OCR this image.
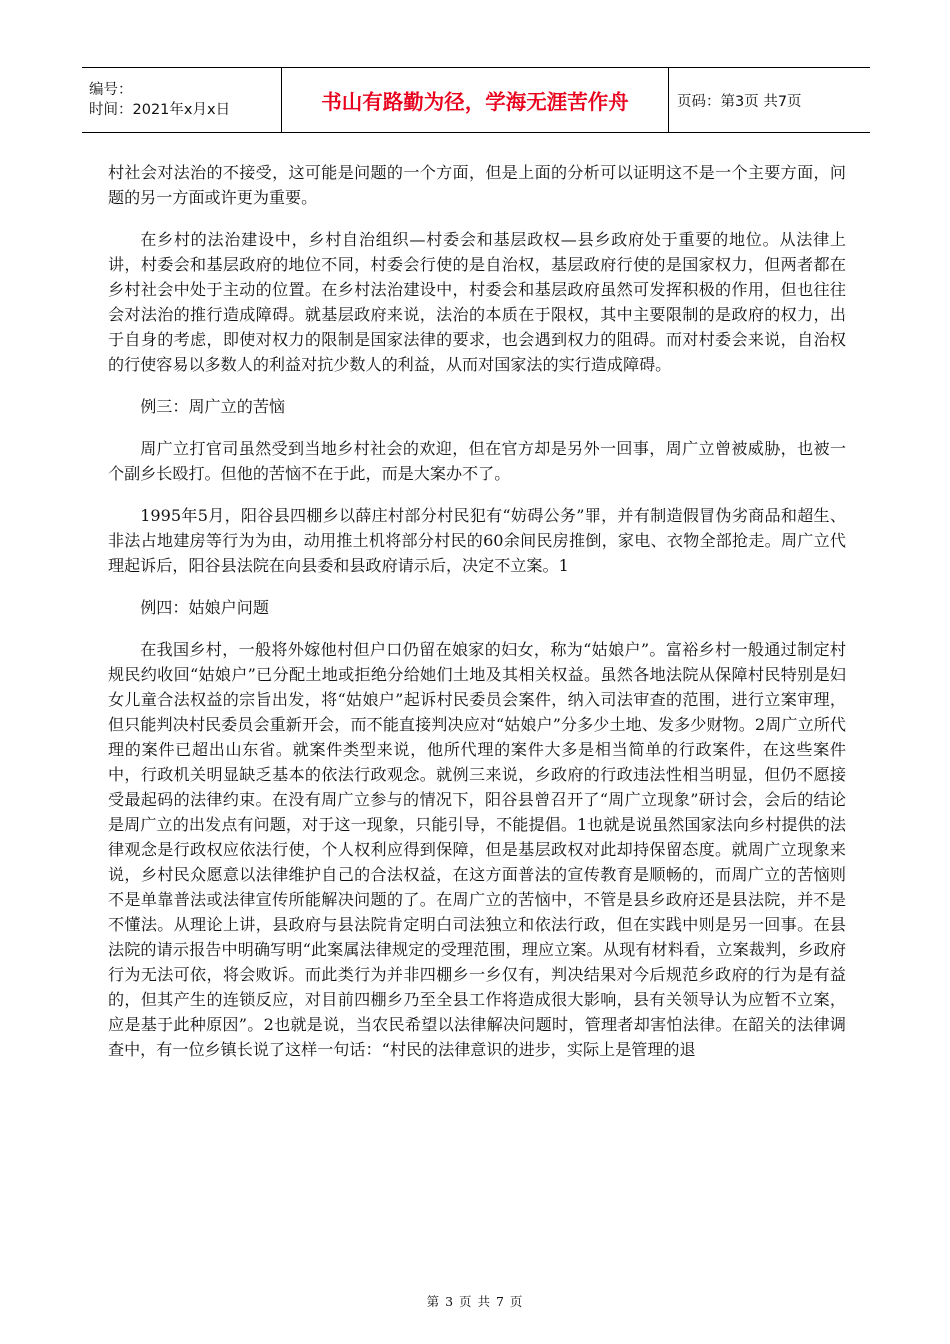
编号：
时间：2021年x月x日	书山有路勤为径，学海无涯苦作舟	页码：第3页 共7页

村社会对法治的不接受，这可能是问题的一个方面，但是上面的分析可以证明这不是一个主要方面，问题的另一方面或许更为重要。

在乡村的法治建设中，乡村自治组织—村委会和基层政权—县乡政府处于重要的地位。从法律上讲，村委会和基层政府的地位不同，村委会行使的是自治权，基层政府行使的是国家权力，但两者都在乡村社会中处于主动的位置。在乡村法治建设中，村委会和基层政府虽然可发挥积极的作用，但也往往会对法治的推行造成障碍。就基层政府来说，法治的本质在于限权，其中主要限制的是政府的权力，出于自身的考虑，即使对权力的限制是国家法律的要求，也会遇到权力的阻碍。而对村委会来说，自治权的行使容易以多数人的利益对抗少数人的利益，从而对国家法的实行造成障碍。

例三：周广立的苦恼

周广立打官司虽然受到当地乡村社会的欢迎，但在官方却是另外一回事，周广立曾被威胁，也被一个副乡长殴打。但他的苦恼不在于此，而是大案办不了。

1995年5月，阳谷县四棚乡以薛庄村部分村民犯有“妨碍公务”罪，并有制造假冒伪劣商品和超生、非法占地建房等行为为由，动用推土机将部分村民的60余间民房推倒，家电、衣物全部抢走。周广立代理起诉后，阳谷县法院在向县委和县政府请示后，决定不立案。1

例四：姑娘户问题

在我国乡村，一般将外嫁他村但户口仍留在娘家的妇女，称为“姑娘户”。富裕乡村一般通过制定村规民约收回“姑娘户”已分配土地或拒绝分给她们土地及其相关权益。虽然各地法院从保障村民特别是妇女儿童合法权益的宗旨出发，将“姑娘户”起诉村民委员会案件，纳入司法审查的范围，进行立案审理，但只能判决村民委员会重新开会，而不能直接判决应对“姑娘户”分多少土地、发多少财物。2周广立所代理的案件已超出山东省。就案件类型来说，他所代理的案件大多是相当简单的行政案件，在这些案件中，行政机关明显缺乏基本的依法行政观念。就例三来说，乡政府的行政违法性相当明显，但仍不愿接受最起码的法律约束。在没有周广立参与的情况下，阳谷县曾召开了“周广立现象”研讨会，会后的结论是周广立的出发点有问题，对于这一现象，只能引导，不能提倡。1也就是说虽然国家法向乡村提供的法律观念是行政权应依法行使，个人权利应得到保障，但是基层政权对此却持保留态度。就周广立现象来说，乡村民众愿意以法律维护自己的合法权益，在这方面普法的宣传教育是顺畅的，而周广立的苦恼则不是单靠普法或法律宣传所能解决问题的了。在周广立的苦恼中，不管是县乡政府还是县法院，并不是不懂法。从理论上讲，县政府与县法院肯定明白司法独立和依法行政，但在实践中则是另一回事。在县法院的请示报告中明确写明“此案属法律规定的受理范围，理应立案。从现有材料看，立案裁判，乡政府行为无法可依，将会败诉。而此类行为并非四棚乡一乡仅有，判决结果对今后规范乡政府的行为是有益的，但其产生的连锁反应，对目前四棚乡乃至全县工作将造成很大影响，县有关领导认为应暂不立案，应是基于此种原因”。2也就是说，当农民希望以法律解决问题时，管理者却害怕法律。在韶关的法律调查中，有一位乡镇长说了这样一句话：“村民的法律意识的进步，实际上是管理的退

第 3 页 共 7 页
